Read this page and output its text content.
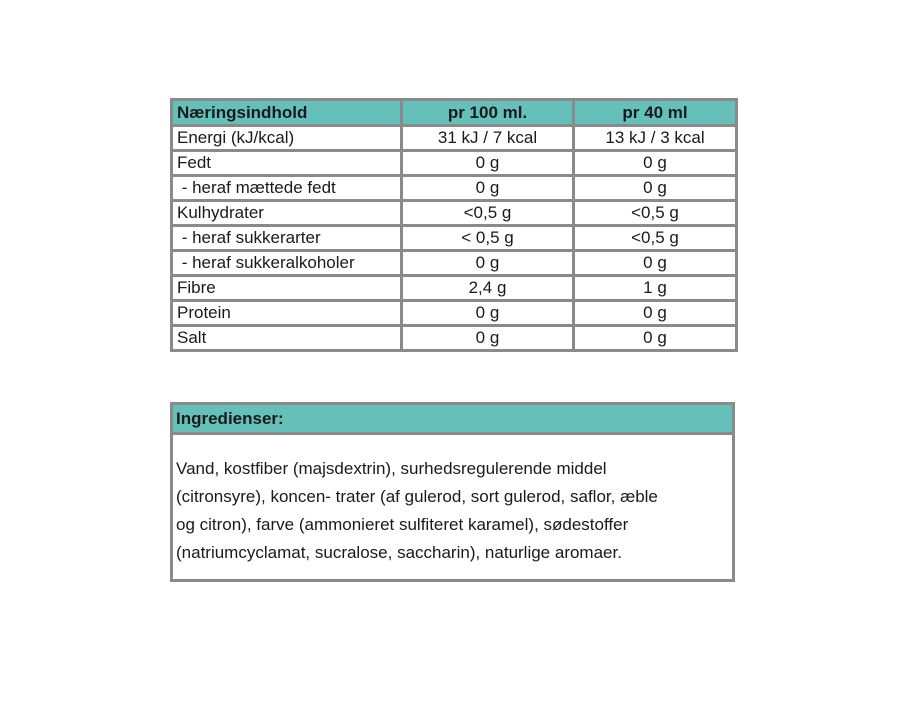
Næringsindhold	pr 100 ml.	pr 40 ml
Energi (kJ/kcal)	31 kJ / 7 kcal	13 kJ / 3 kcal
Fedt	0 g	0 g
- heraf mættede fedt	0 g	0 g
Kulhydrater	<0,5 g	<0,5 g
- heraf sukkerarter	< 0,5 g	<0,5 g
- heraf sukkeralkoholer	0 g	0 g
Fibre	2,4 g	1 g
Protein	0 g	0 g
Salt	0 g	0 g
Ingredienser:
Vand, kostfiber (majsdextrin), surhedsregulerende middel
(citronsyre), koncen- trater (af gulerod, sort gulerod, saflor, æble
og citron), farve (ammonieret sulfiteret karamel), sødestoffer
(natriumcyclamat, sucralose, saccharin), naturlige aromaer.
